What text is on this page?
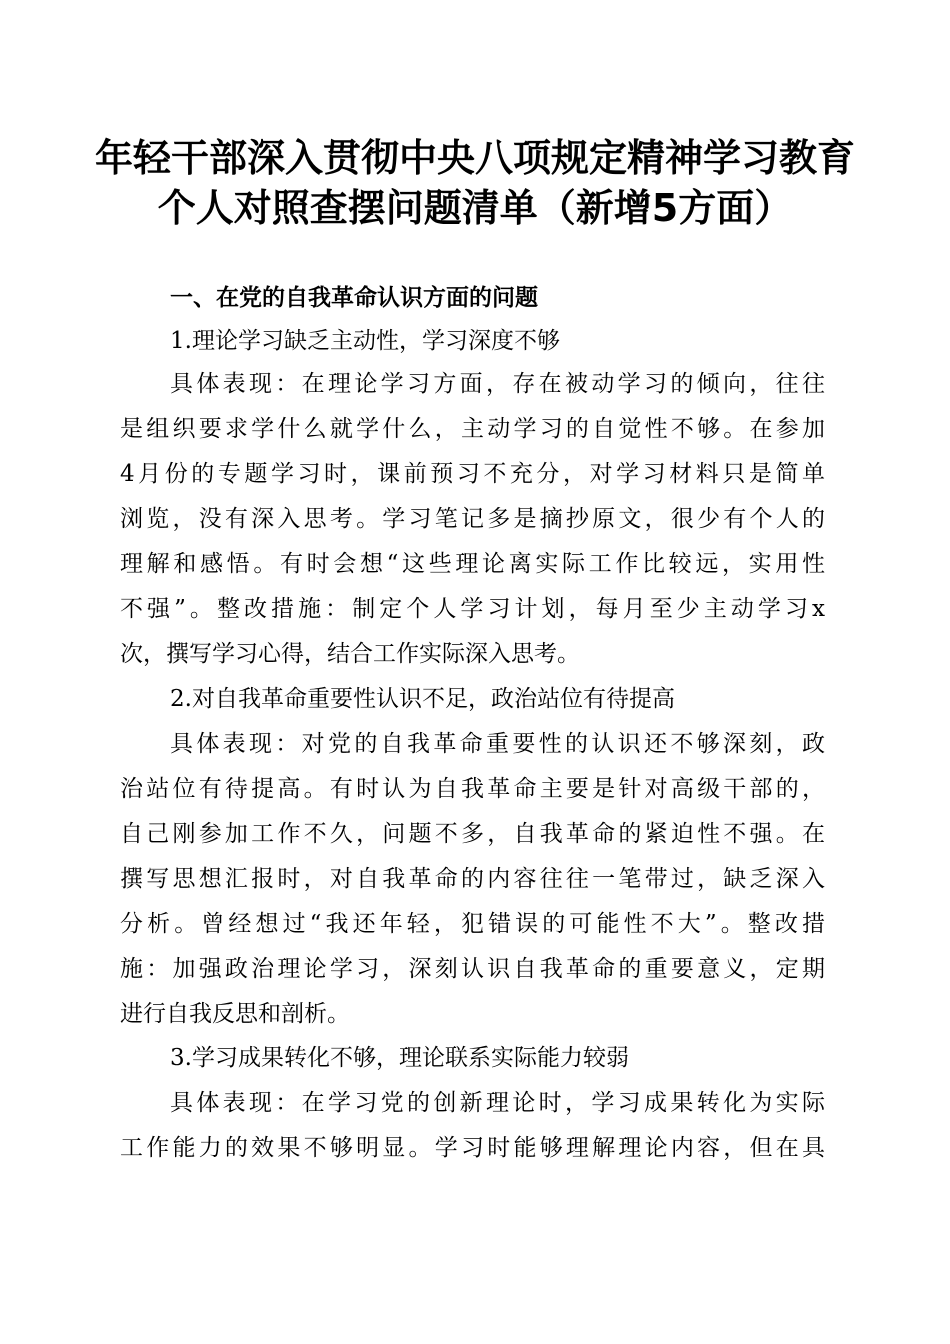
年轻干部深入贯彻中央八项规定精神学习教育
个人对照查摆问题清单（新增5方面）
一、在党的自我革命认识方面的问题
1.理论学习缺乏主动性，学习深度不够
具体表现：在理论学习方面，存在被动学习的倾向，往往
是组织要求学什么就学什么，主动学习的自觉性不够。在参加
4月份的专题学习时，课前预习不充分，对学习材料只是简单
浏览，没有深入思考。学习笔记多是摘抄原文，很少有个人的
理解和感悟。有时会想“这些理论离实际工作比较远，实用性
不强”。整改措施：制定个人学习计划，每月至少主动学习x
次，撰写学习心得，结合工作实际深入思考。
2.对自我革命重要性认识不足，政治站位有待提高
具体表现：对党的自我革命重要性的认识还不够深刻，政
治站位有待提高。有时认为自我革命主要是针对高级干部的，
自己刚参加工作不久，问题不多，自我革命的紧迫性不强。在
撰写思想汇报时，对自我革命的内容往往一笔带过，缺乏深入
分析。曾经想过“我还年轻，犯错误的可能性不大”。整改措
施：加强政治理论学习，深刻认识自我革命的重要意义，定期
进行自我反思和剖析。
3.学习成果转化不够，理论联系实际能力较弱
具体表现：在学习党的创新理论时，学习成果转化为实际
工作能力的效果不够明显。学习时能够理解理论内容，但在具
